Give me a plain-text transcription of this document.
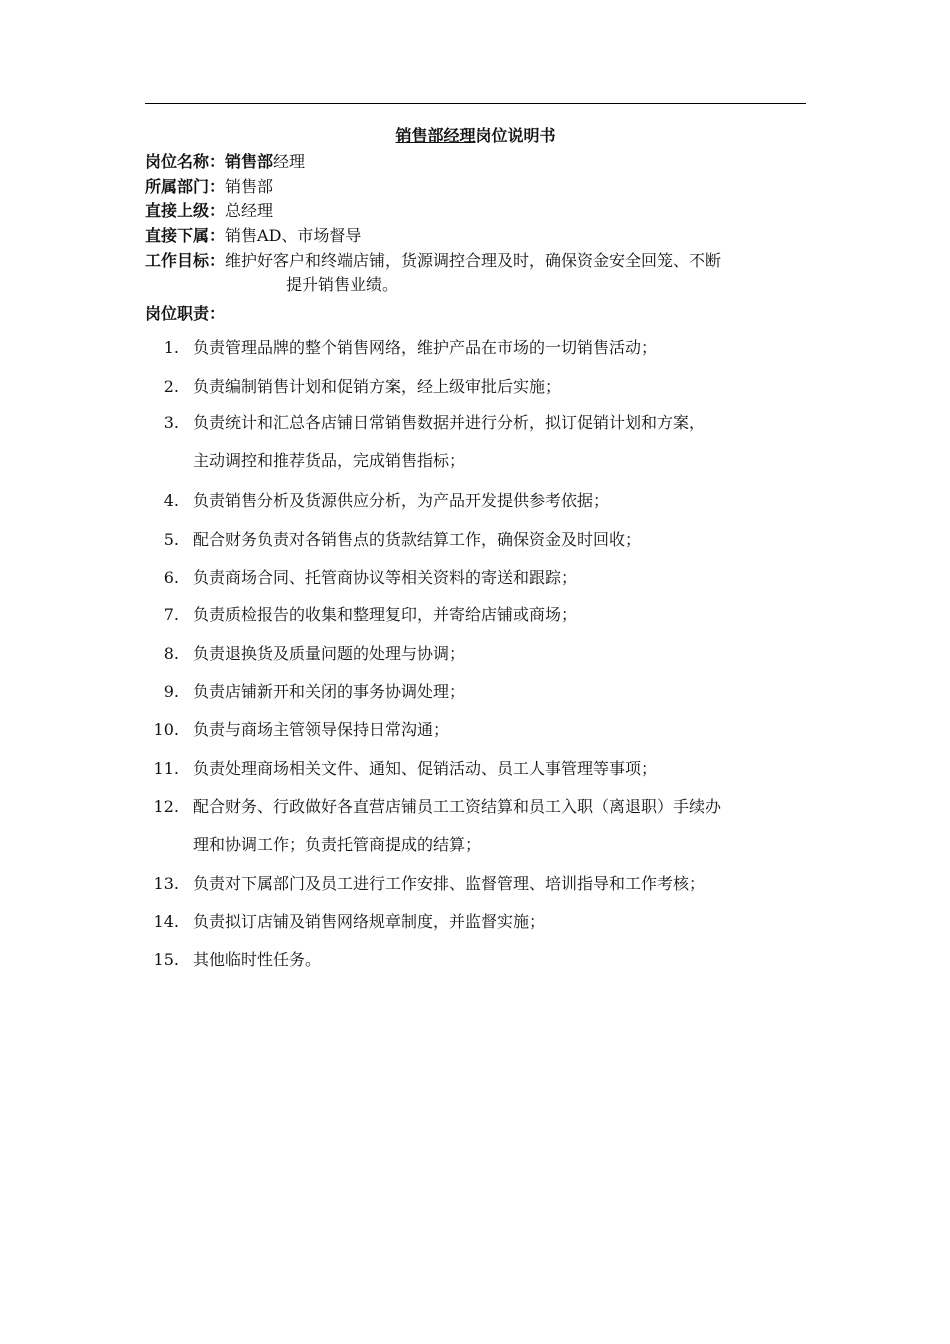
销售部经理岗位说明书
岗位名称：销售部经理
所属部门：销售部
直接上级：总经理
直接下属：销售AD、市场督导
工作目标：维护好客户和终端店铺，货源调控合理及时，确保资金安全回笼、不断
提升销售业绩。
岗位职责：
1. 负责管理品牌的整个销售网络，维护产品在市场的一切销售活动；
2. 负责编制销售计划和促销方案，经上级审批后实施；
3. 负责统计和汇总各店铺日常销售数据并进行分析，拟订促销计划和方案，
主动调控和推荐货品，完成销售指标；
4. 负责销售分析及货源供应分析，为产品开发提供参考依据；
5. 配合财务负责对各销售点的货款结算工作，确保资金及时回收；
6. 负责商场合同、托管商协议等相关资料的寄送和跟踪；
7. 负责质检报告的收集和整理复印，并寄给店铺或商场；
8. 负责退换货及质量问题的处理与协调；
9. 负责店铺新开和关闭的事务协调处理；
10. 负责与商场主管领导保持日常沟通；
11. 负责处理商场相关文件、通知、促销活动、员工人事管理等事项；
12. 配合财务、行政做好各直营店铺员工工资结算和员工入职（离退职）手续办
理和协调工作；负责托管商提成的结算；
13. 负责对下属部门及员工进行工作安排、监督管理、培训指导和工作考核；
14. 负责拟订店铺及销售网络规章制度，并监督实施；
15. 其他临时性任务。
